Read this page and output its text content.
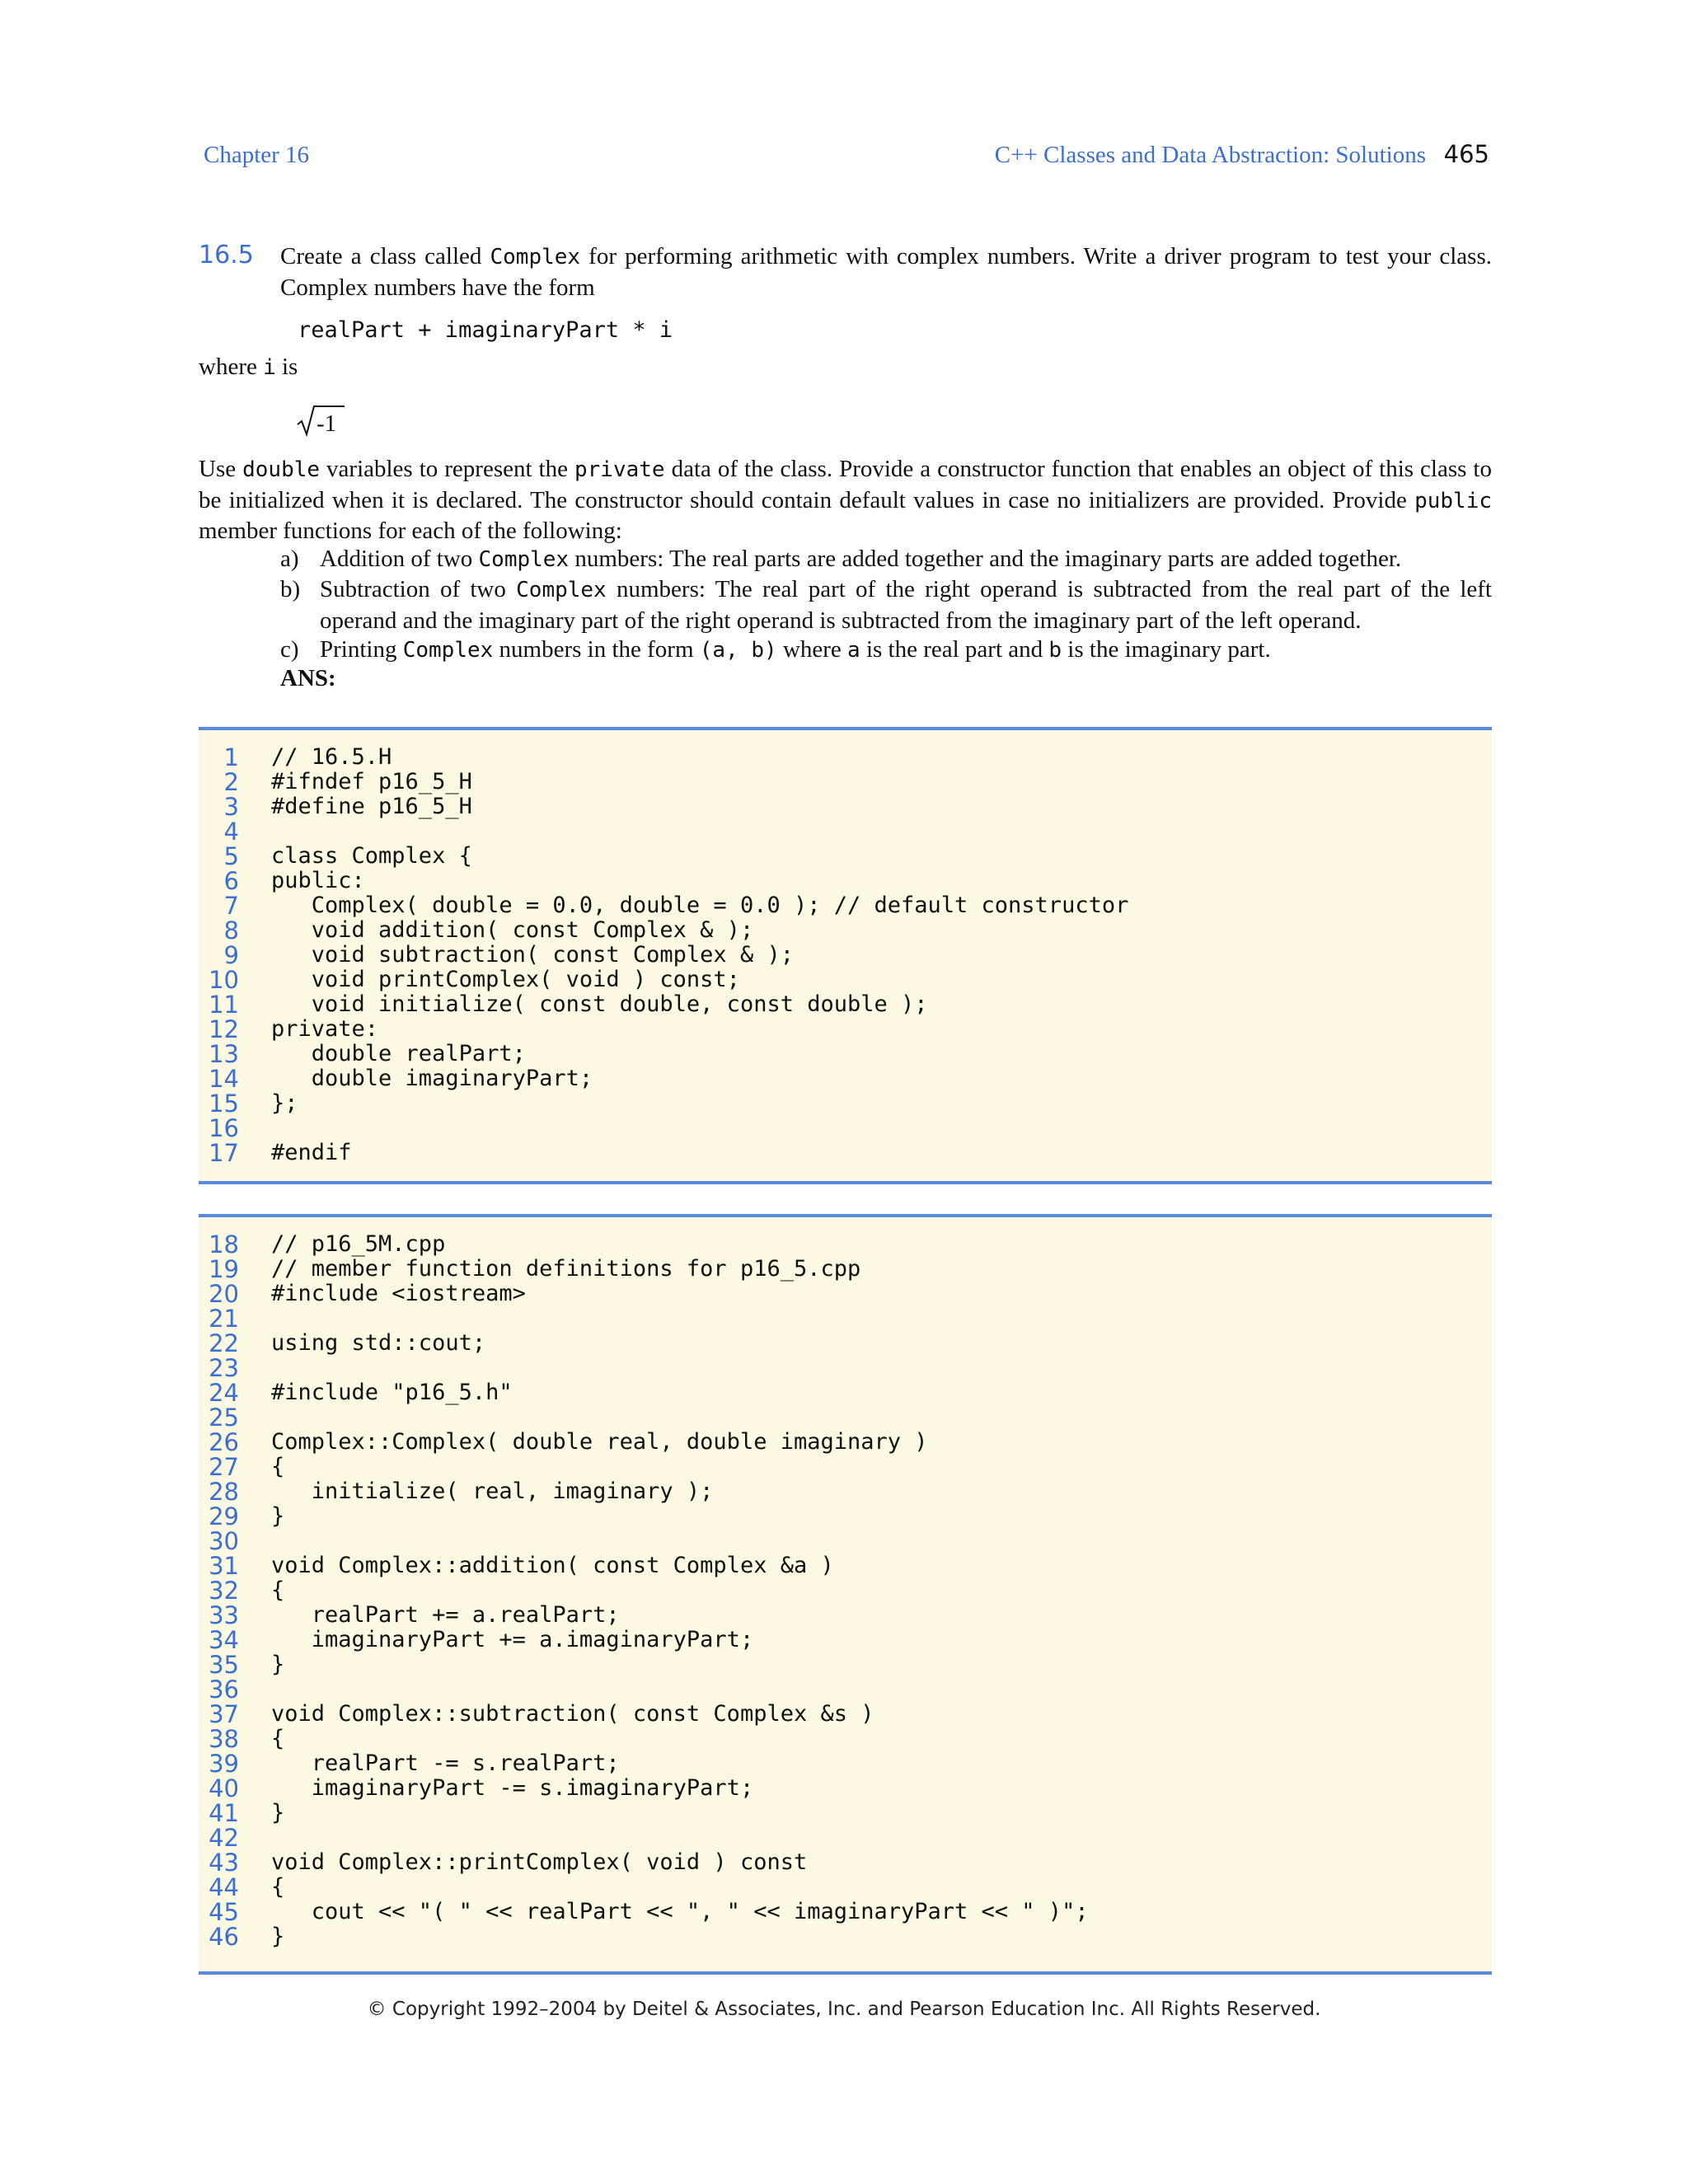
Chapter 16	C++ Classes and Data Abstraction: Solutions 465
16.5 Create a class called Complex for performing arithmetic with complex numbers. Write a driver program to test your class. Complex numbers have the form
realPart + imaginaryPart * i
where i is
-1
Use double variables to represent the private data of the class. Provide a constructor function that enables an object of this class to be initialized when it is declared. The constructor should contain default values in case no initializers are provided. Provide public member functions for each of the following:
a) Addition of two Complex numbers: The real parts are added together and the imaginary parts are added together.
b) Subtraction of two Complex numbers: The real part of the right operand is subtracted from the real part of the left operand and the imaginary part of the right operand is subtracted from the imaginary part of the left operand.
c) Printing Complex numbers in the form (a, b) where a is the real part and b is the imaginary part.
ANS:
1 // 16.5.H
2 #ifndef p16_5_H
3 #define p16_5_H
4
5 class Complex {
6 public:
7 Complex( double = 0.0, double = 0.0 ); // default constructor
8 void addition( const Complex & );
9 void subtraction( const Complex & );
10 void printComplex( void ) const;
11 void initialize( const double, const double );
12 private:
13 double realPart;
14 double imaginaryPart;
15 };
16
17 #endif
18 // p16_5M.cpp
19 // member function definitions for p16_5.cpp
20 #include <iostream>
21
22 using std::cout;
23
24 #include "p16_5.h"
25
26 Complex::Complex( double real, double imaginary )
27 {
28 initialize( real, imaginary );
29 }
30
31 void Complex::addition( const Complex &a )
32 {
33 realPart += a.realPart;
34 imaginaryPart += a.imaginaryPart;
35 }
36
37 void Complex::subtraction( const Complex &s )
38 {
39 realPart -= s.realPart;
40 imaginaryPart -= s.imaginaryPart;
41 }
42
43 void Complex::printComplex( void ) const
44 {
45 cout << "( " << realPart << ", " << imaginaryPart << " )";
46 }
© Copyright 1992–2004 by Deitel & Associates, Inc. and Pearson Education Inc. All Rights Reserved.
